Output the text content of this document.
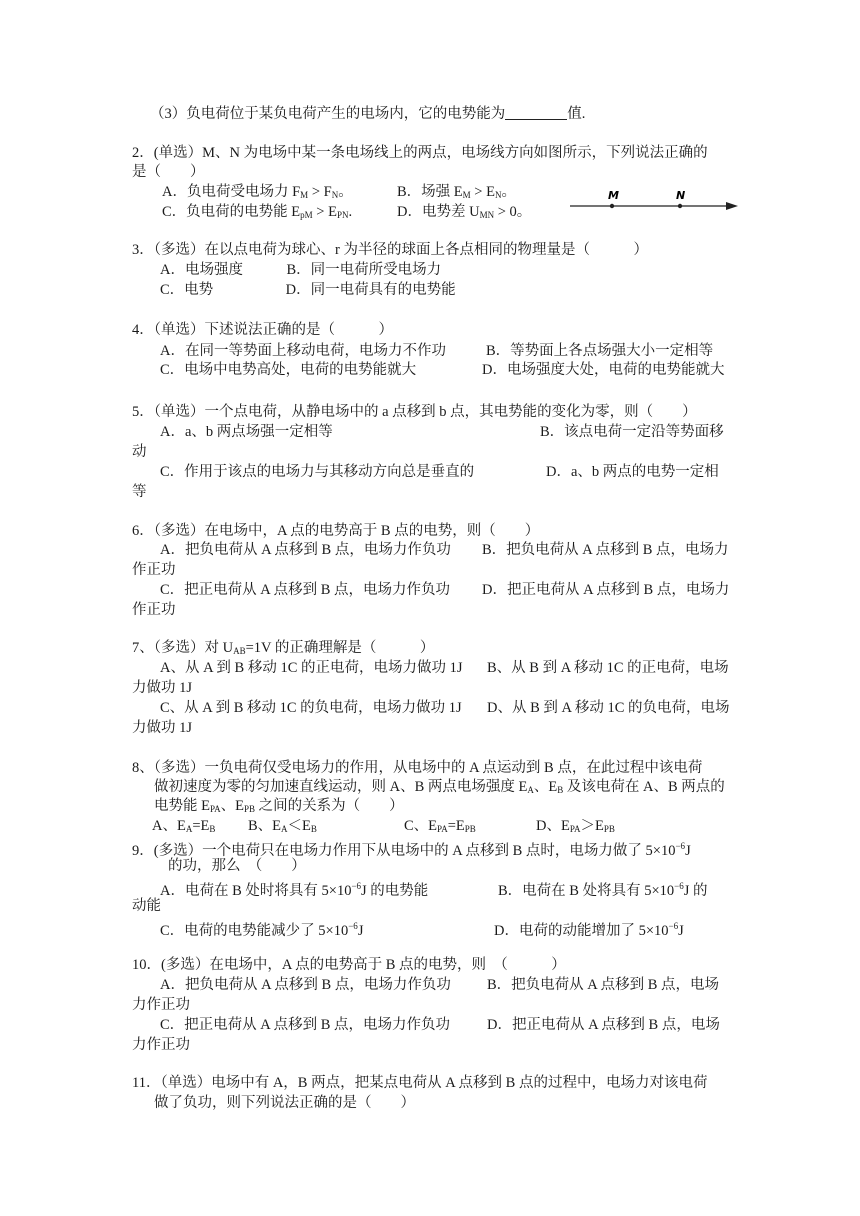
（3）负电荷位于某负电荷产生的电场内，它的电势能为	值.
2．(单选）M、N 为电场中某一条电场线上的两点，电场线方向如图所示，下列说法正确的
是（　　）
A．负电荷受电场力 $F_M > F_N$。	B．场强 $E_M > E_N$。
C．负电荷的电势能 $E_{pM} > E_{PN}$.	D．电势差 $U_{MN} > 0$。
M	N
3．（多选）在以点电荷为球心、r 为半径的球面上各点相同的物理量是（　　　）
A．电场强度　　　B．同一电荷所受电场力
C．电势　　　　　D．同一电荷具有的电势能
4．（单选）下述说法正确的是（　　　）
A．在同一等势面上移动电荷，电场力不作功	B．等势面上各点场强大小一定相等
C．电场中电势高处，电荷的电势能就大	D．电场强度大处，电荷的电势能就大
5．（单选）一个点电荷，从静电场中的 a 点移到 b 点，其电势能的变化为零，则（　　）
A．a、b 两点场强一定相等	B．该点电荷一定沿等势面移
动
C．作用于该点的电场力与其移动方向总是垂直的	D．a、b 两点的电势一定相
等
6．（多选）在电场中，A 点的电势高于 B 点的电势，则（　　）
A．把负电荷从 A 点移到 B 点，电场力作负功 B．把负电荷从 A 点移到 B 点，电场力
作正功
C．把正电荷从 A 点移到 B 点，电场力作负功 D．把正电荷从 A 点移到 B 点，电场力
作正功
7、（多选）对 $U_{AB}=1V$ 的正确理解是（　　　）
A、从 A 到 B 移动 1C 的正电荷，电场力做功 1J B、从 B 到 A 移动 1C 的正电荷，电场
力做功 1J
C、从 A 到 B 移动 1C 的负电荷，电场力做功 1J D、从 B 到 A 移动 1C 的负电荷，电场
力做功 1J
8、（多选）一负电荷仅受电场力的作用，从电场中的 A 点运动到 B 点，在此过程中该电荷
做初速度为零的匀加速直线运动，则 A、B 两点电场强度 $E_A$、$E_B$ 及该电荷在 A、B 两点的
电势能 $E_{PA}$、$E_{PB}$ 之间的关系为（　　）
A、$E_A=E_B$ B、$E_A<E_B$	C、$E_{PA}=E_{PB}$	D、$E_{PA}>E_{PB}$
9．(多选）一个电荷只在电场力作用下从电场中的 A 点移到 B 点时，电场力做了 $5\times 10^{-6}J$
的功，那么　（　　）
A．电荷在 B 处时将具有 $5\times 10^{-6}J$ 的电势能	B．电荷在 B 处将具有 $5\times 10^{-6}J$ 的
动能
C．电荷的电势能减少了 $5\times 10^{-6}J$	D．电荷的动能增加了 $5\times 10^{-6}J$
10．(多选）在电场中，A 点的电势高于 B 点的电势，则　（　　　）
A．把负电荷从 A 点移到 B 点，电场力作负功 B．把负电荷从 A 点移到 B 点，电场
力作正功
C．把正电荷从 A 点移到 B 点，电场力作负功	D．把正电荷从 A 点移到 B 点，电场
力作正功
11．（单选）电场中有 A，B 两点，把某点电荷从 A 点移到 B 点的过程中，电场力对该电荷
做了负功，则下列说法正确的是（　　）
